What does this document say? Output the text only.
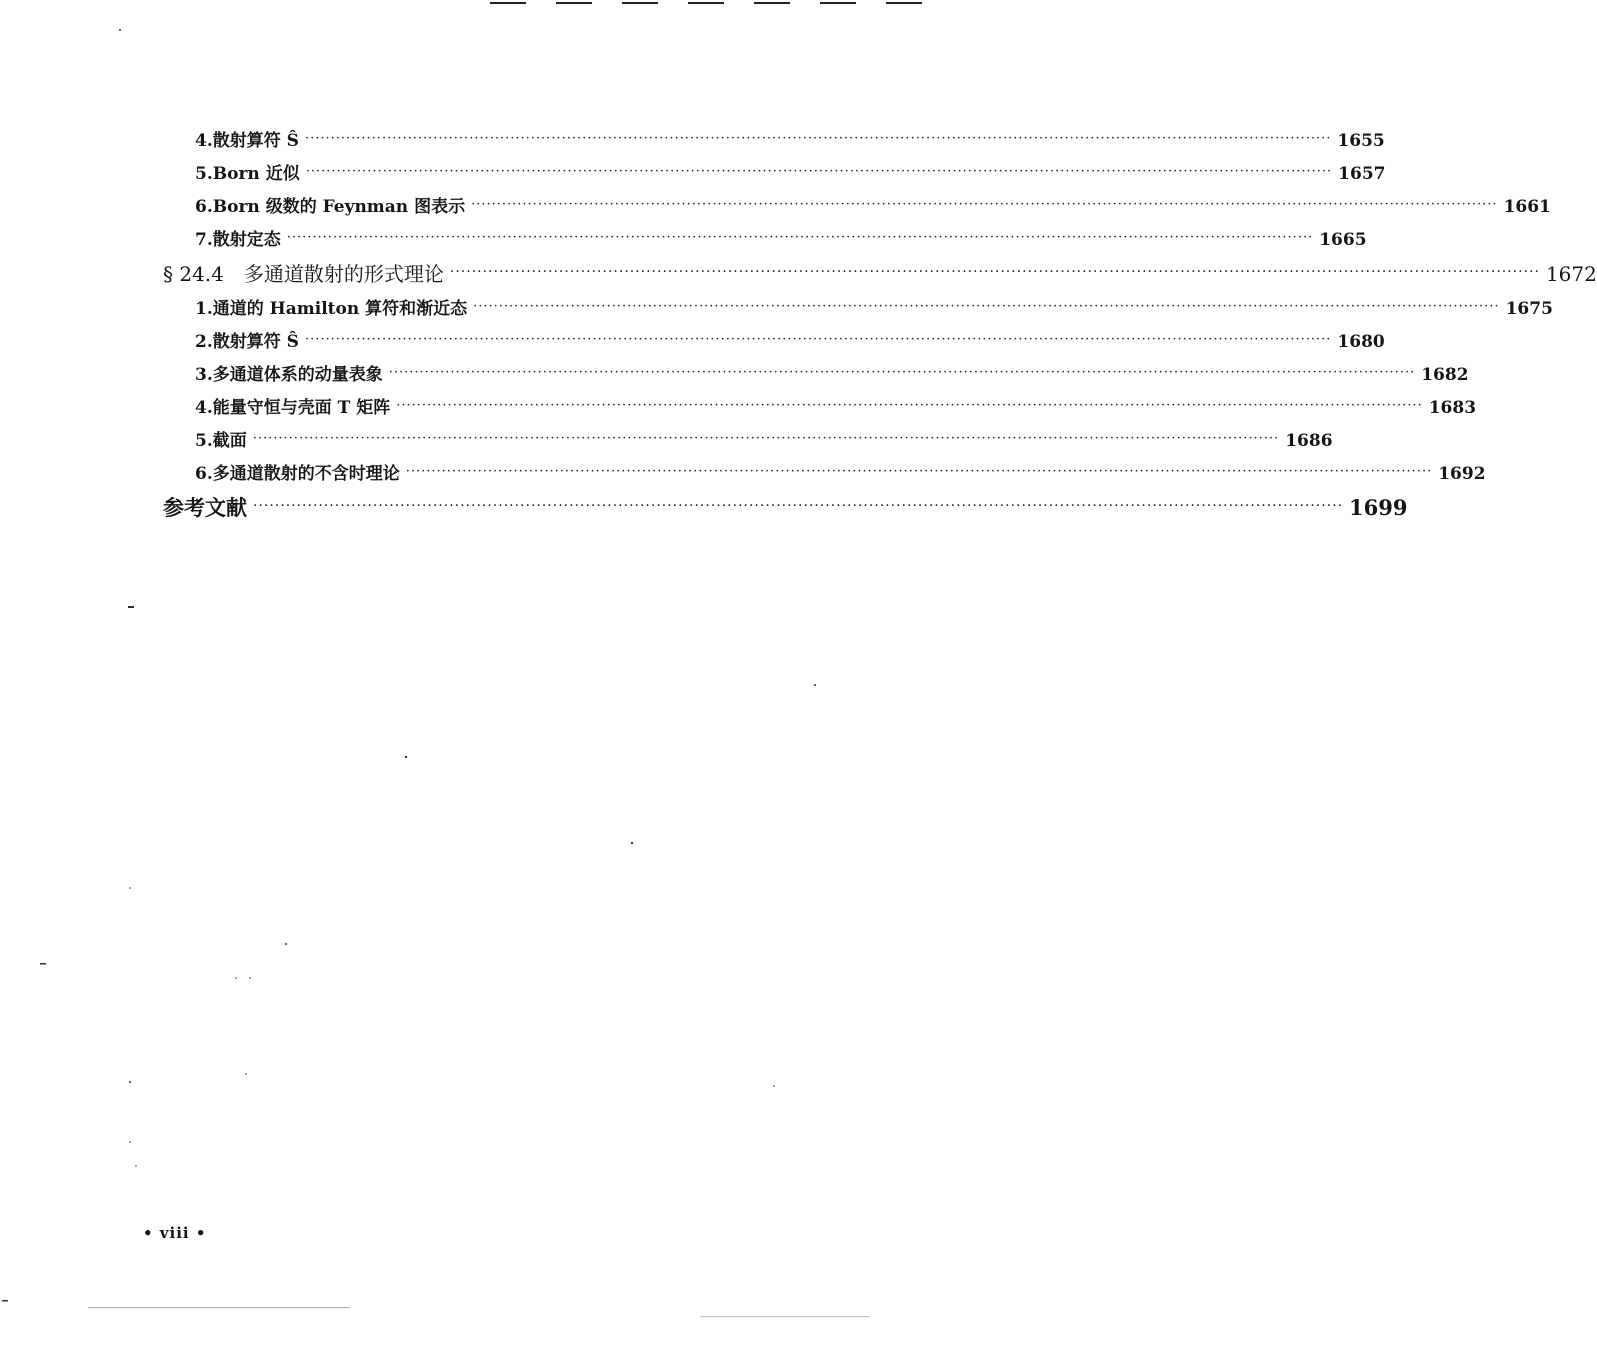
4.散射算符 Ŝ ········································································································································································································ 1655
5.Born 近似 ········································································································································································································ 1657
6.Born 级数的 Feynman 图表示 ········································································································································································································ 1661
7.散射定态 ········································································································································································································ 1665
§ 24.4　多通道散射的形式理论 ········································································································································································································ 1672
1.通道的 Hamilton 算符和渐近态 ········································································································································································································ 1675
2.散射算符 Ŝ ········································································································································································································ 1680
3.多通道体系的动量表象 ········································································································································································································ 1682
4.能量守恒与壳面 T 矩阵 ········································································································································································································ 1683
5.截面 ········································································································································································································ 1686
6.多通道散射的不含时理论 ········································································································································································································ 1692
参考文献 ········································································································································································································ 1699
• viii •
